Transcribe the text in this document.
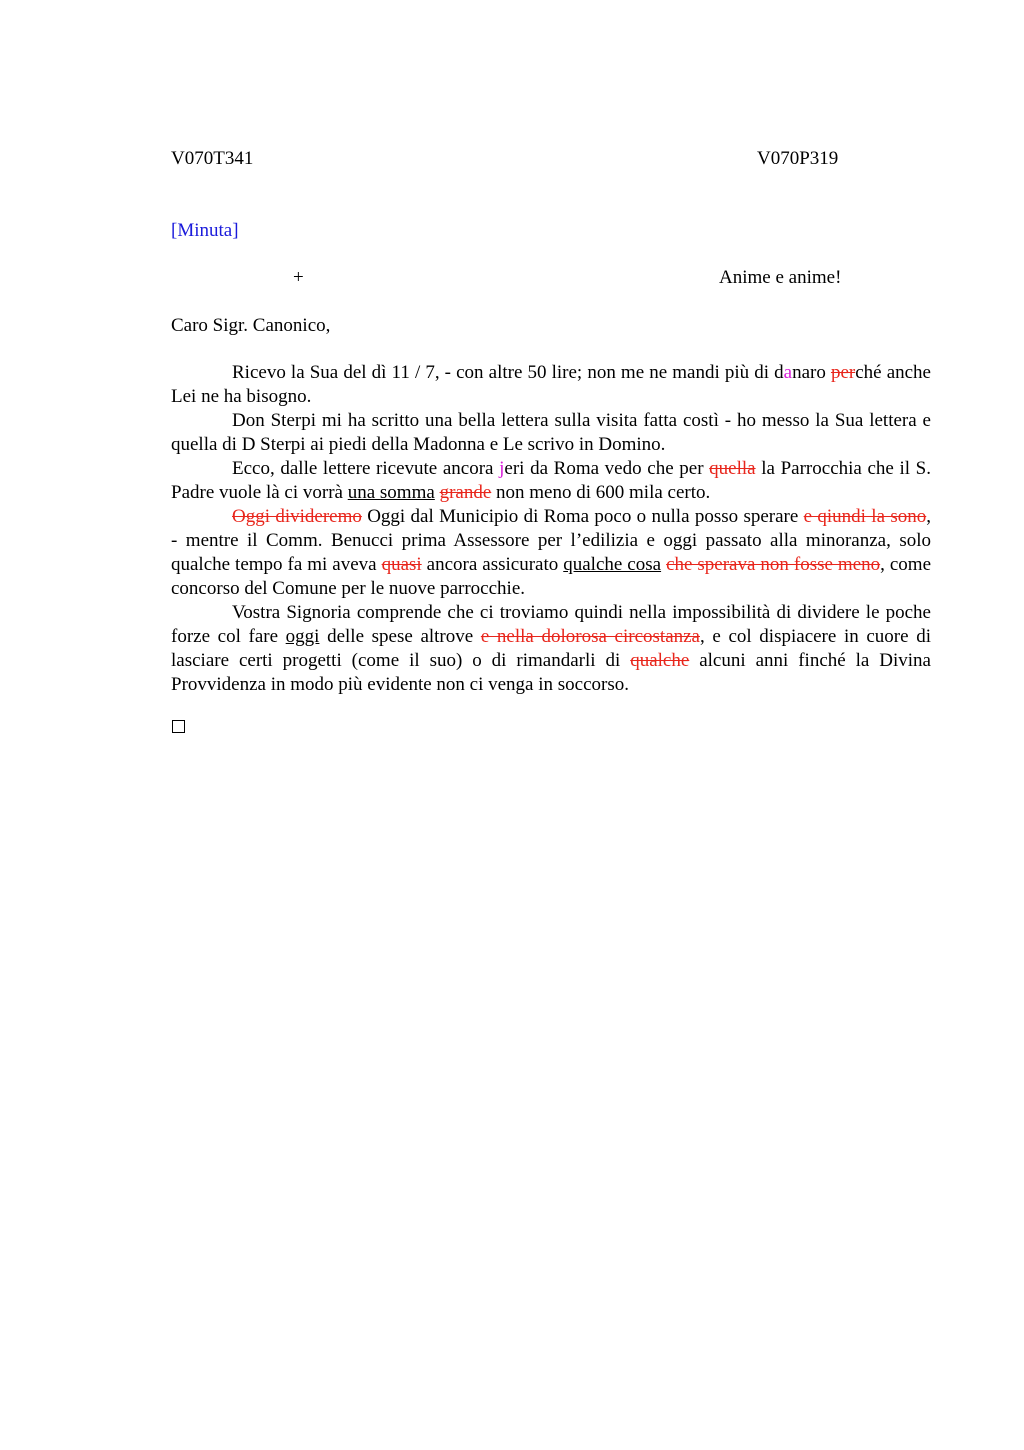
V070T341	V070P319
[Minuta]
+	Anime e anime!
Caro Sigr. Canonico,

Ricevo la Sua del dì 11 / 7, - con altre 50 lire; non me ne mandi più di danaro perché anche Lei ne ha bisogno.

Don Sterpi mi ha scritto una bella lettera sulla visita fatta costì - ho messo la Sua lettera e quella di D Sterpi ai piedi della Madonna e Le scrivo in Domino.

Ecco, dalle lettere ricevute ancora jeri da Roma vedo che per quella la Parrocchia che il S. Padre vuole là ci vorrà una somma grande non meno di 600 mila certo.

Oggi divideremo Oggi dal Municipio di Roma poco o nulla posso sperare e qiundi la sono, - mentre il Comm. Benucci prima Assessore per l’edilizia e oggi passato alla minoranza, solo qualche tempo fa mi aveva quasi ancora assicurato qualche cosa che sperava non fosse meno, come concorso del Comune per le nuove parrocchie.

Vostra Signoria comprende che ci troviamo quindi nella impossibilità di dividere le poche forze col fare oggi delle spese altrove e nella dolorosa circostanza, e col dispiacere in cuore di lasciare certi progetti (come il suo) o di rimandarli di qualche alcuni anni finché la Divina Provvidenza in modo più evidente non ci venga in soccorso.
